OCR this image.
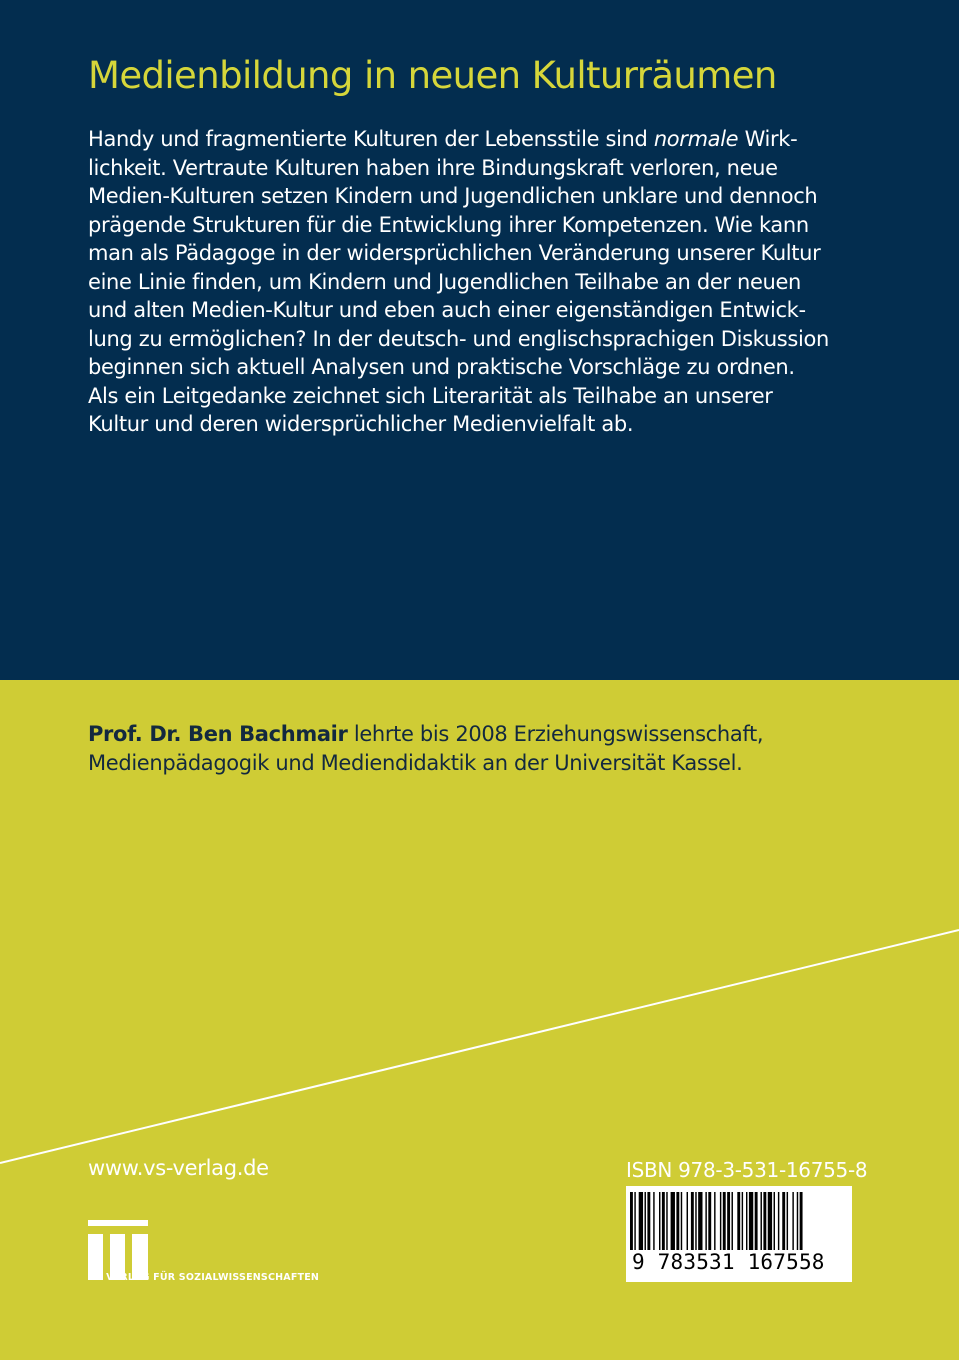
Medienbildung in neuen Kulturräumen
Handy und fragmentierte Kulturen der Lebensstile sind normale Wirk-
lichkeit. Vertraute Kulturen haben ihre Bindungskraft verloren, neue
Medien-Kulturen setzen Kindern und Jugendlichen unklare und dennoch
prägende Strukturen für die Entwicklung ihrer Kompetenzen. Wie kann
man als Pädagoge in der widersprüchlichen Veränderung unserer Kultur
eine Linie finden, um Kindern und Jugendlichen Teilhabe an der neuen
und alten Medien-Kultur und eben auch einer eigenständigen Entwick-
lung zu ermöglichen? In der deutsch- und englischsprachigen Diskussion
beginnen sich aktuell Analysen und praktische Vorschläge zu ordnen.
Als ein Leitgedanke zeichnet sich Literarität als Teilhabe an unserer
Kultur und deren widersprüchlicher Medienvielfalt ab.
Prof. Dr. Ben Bachmair lehrte bis 2008 Erziehungswissenschaft,
Medienpädagogik und Mediendidaktik an der Universität Kassel.
www.vs-verlag.de
VS VERLAG FÜR SOZIALWISSENSCHAFTEN
ISBN 978-3-531-16755-8
9 783531 167558
